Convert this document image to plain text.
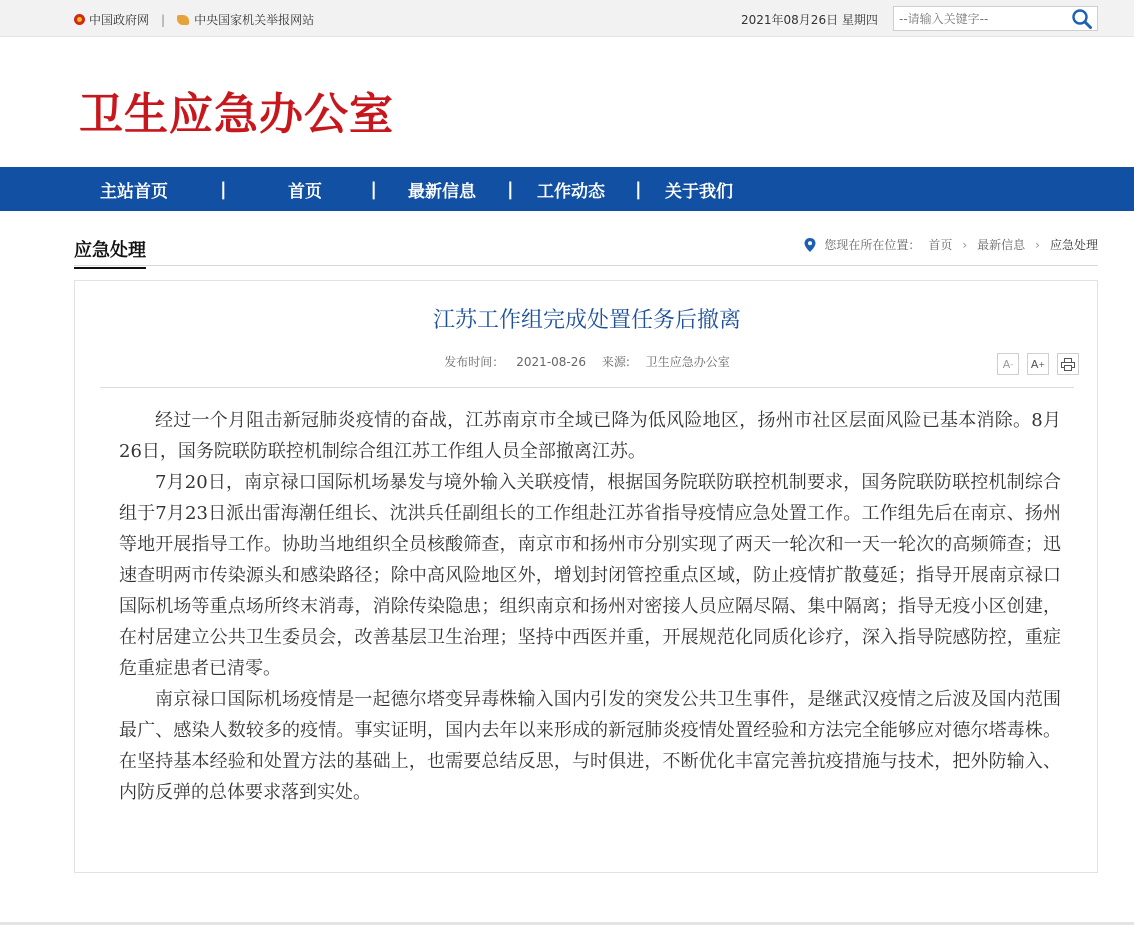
中国政府网 | 中央国家机关举报网站	2021年08月26日 星期四
--请输入关键字--
卫生应急办公室
主站首页	|	首页	| 最新信息 | 工作动态 | 关于我们
应急处理	您现在所在位置： 首页 › 最新信息 › 应急处理
江苏工作组完成处置任务后撤离
发布时间： 2021-08-26 来源: 卫生应急办公室	A - A +

经过一个月阻击新冠肺炎疫情的奋战，江苏南京市全域已降为低风险地区，扬州市社区层面风险已基本消除。8月26日，国务院联防联控机制综合组江苏工作组人员全部撤离江苏。

7月20日，南京禄口国际机场暴发与境外输入关联疫情，根据国务院联防联控机制要求，国务院联防联控机制综合组于7月23日派出雷海潮任组长、沈洪兵任副组长的工作组赴江苏省指导疫情应急处置工作。工作组先后在南京、扬州等地开展指导工作。协助当地组织全员核酸筛查，南京市和扬州市分别实现了两天一轮次和一天一轮次的高频筛查；迅速查明两市传染源头和感染路径；除中高风险地区外，增划封闭管控重点区域，防止疫情扩散蔓延；指导开展南京禄口国际机场等重点场所终末消毒，消除传染隐患；组织南京和扬州对密接人员应隔尽隔、集中隔离；指导无疫小区创建，在村居建立公共卫生委员会，改善基层卫生治理；坚持中西医并重，开展规范化同质化诊疗，深入指导院感防控，重症危重症患者已清零。

南京禄口国际机场疫情是一起德尔塔变异毒株输入国内引发的突发公共卫生事件，是继武汉疫情之后波及国内范围最广、感染人数较多的疫情。事实证明，国内去年以来形成的新冠肺炎疫情处置经验和方法完全能够应对德尔塔毒株。在坚持基本经验和处置方法的基础上，也需要总结反思，与时俱进，不断优化丰富完善抗疫措施与技术，把外防输入、内防反弹的总体要求落到实处。
